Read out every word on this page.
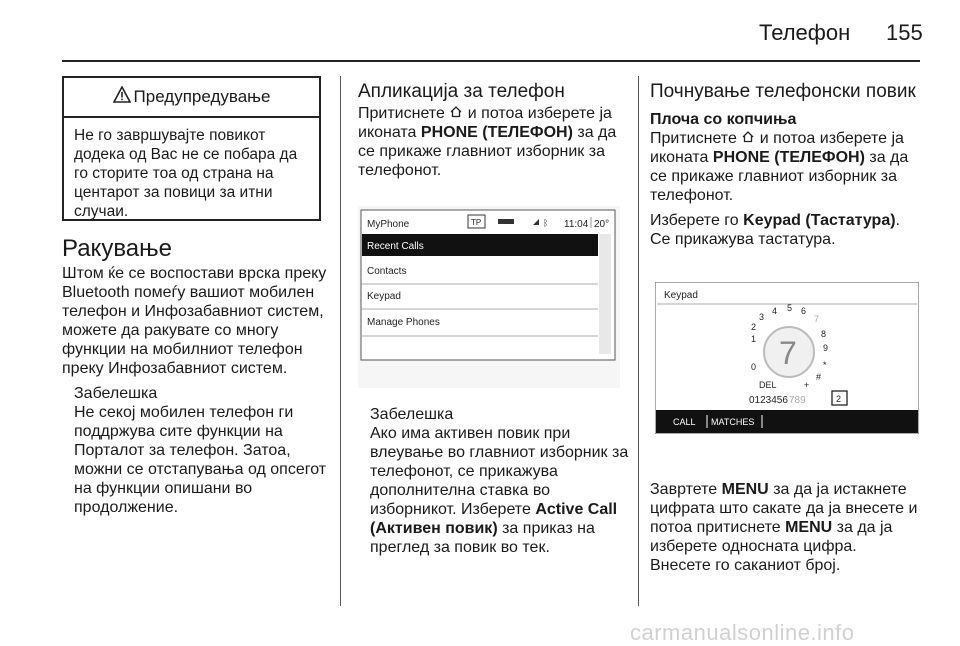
Телефон 155
Предупредување
Не го завршувајте повикот додека од Вас не се побара да го сторите тоа од страна на центарот за повици за итни случаи.
Ракување

Штом ќе се воспостави врска преку Bluetooth помеѓу вашиот мобилен телефон и Инфозабавниот систем, можете да ракувате со многу функции на мобилниот телефон преку Инфозабавниот систем.

Забелешка

Не секој мобилен телефон ги поддржува сите функции на Порталот за телефон. Затоа, можни се отстапувања од опсегот на функции опишани во продолжение.

Апликација за телефон

Притиснете и потоа изберете ја иконата PHONE (ТЕЛЕФОН) за да се прикаже главниот изборник за телефонот.

MyPhone	TP	ᛒ 11:04 20°
Recent Calls
Contacts
Keypad
Manage Phones

Забелешка

Ако има активен повик при влеување во главниот изборник за телефонот, се прикажува дополнителна ставка во изборникот. Изберете Active Call (Активен повик) за приказ на преглед за повик во тек.

Почнување телефонски повик

Плоча со копчиња

Притиснете и потоа изберете ја иконата PHONE (ТЕЛЕФОН) за да се прикаже главниот изборник за телефонот.

Изберете го Keypad (Тастатура). Се прикажува тастатура.

Keypad
7
1
2
3
4 5 6
7
8
9
0	*
#
+
DEL
0123456 789	2
CALL MATCHES

Завртете MENU за да ја истакнете цифрата што сакате да ја внесете и потоа притиснете MENU за да ја изберете односната цифра.

Внесете го саканиот број.

carmanualsonline.info
